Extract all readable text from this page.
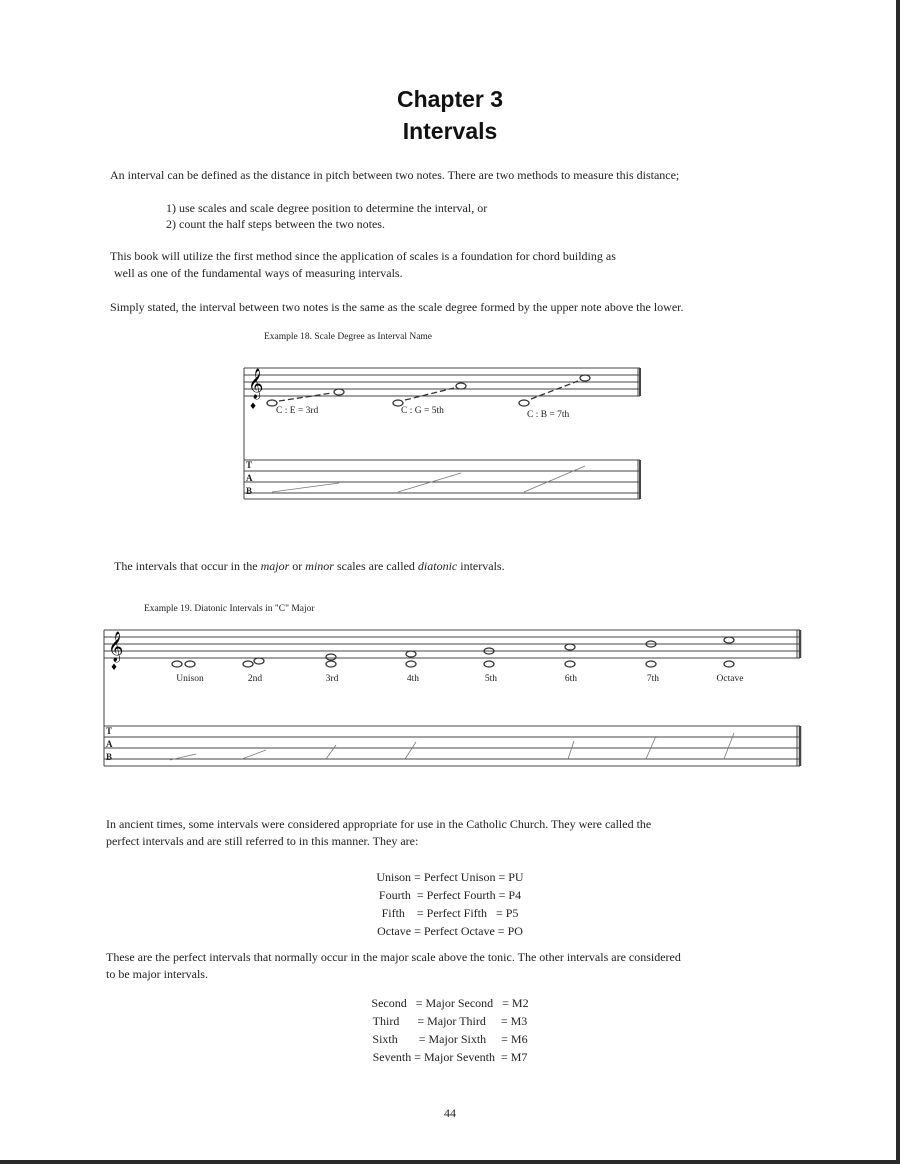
Chapter 3
Intervals

An interval can be defined as the distance in pitch between two notes. There are two methods to measure this distance;

1) use scales and scale degree position to determine the interval, or

2) count the half steps between the two notes.

This book will utilize the first method since the application of scales is a foundation for chord building as

well as one of the fundamental ways of measuring intervals.

Simply stated, the interval between two notes is the same as the scale degree formed by the upper note above the lower.

Example 18. Scale Degree as Interval Name
𝄞
♦
𝄞
♦
T
A
B
T
A
B
C : E = 3rd	C : G = 5th	C : B = 7th

The intervals that occur in the major or minor scales are called diatonic intervals.

Example 19. Diatonic Intervals in "C" Major
Unison	2nd	3rd	4th	5th	6th	7th	Octave

In ancient times, some intervals were considered appropriate for use in the Catholic Church. They were called the

perfect intervals and are still referred to in this manner. They are:

Unison = Perfect Unison = PU
Fourth  = Perfect Fourth = P4
Fifth    = Perfect Fifth   = P5
Octave = Perfect Octave = PO

These are the perfect intervals that normally occur in the major scale above the tonic. The other intervals are considered

to be major intervals.

Second   = Major Second   = M2
Third      = Major Third     = M3
Sixth       = Major Sixth     = M6
Seventh = Major Seventh  = M7
44
